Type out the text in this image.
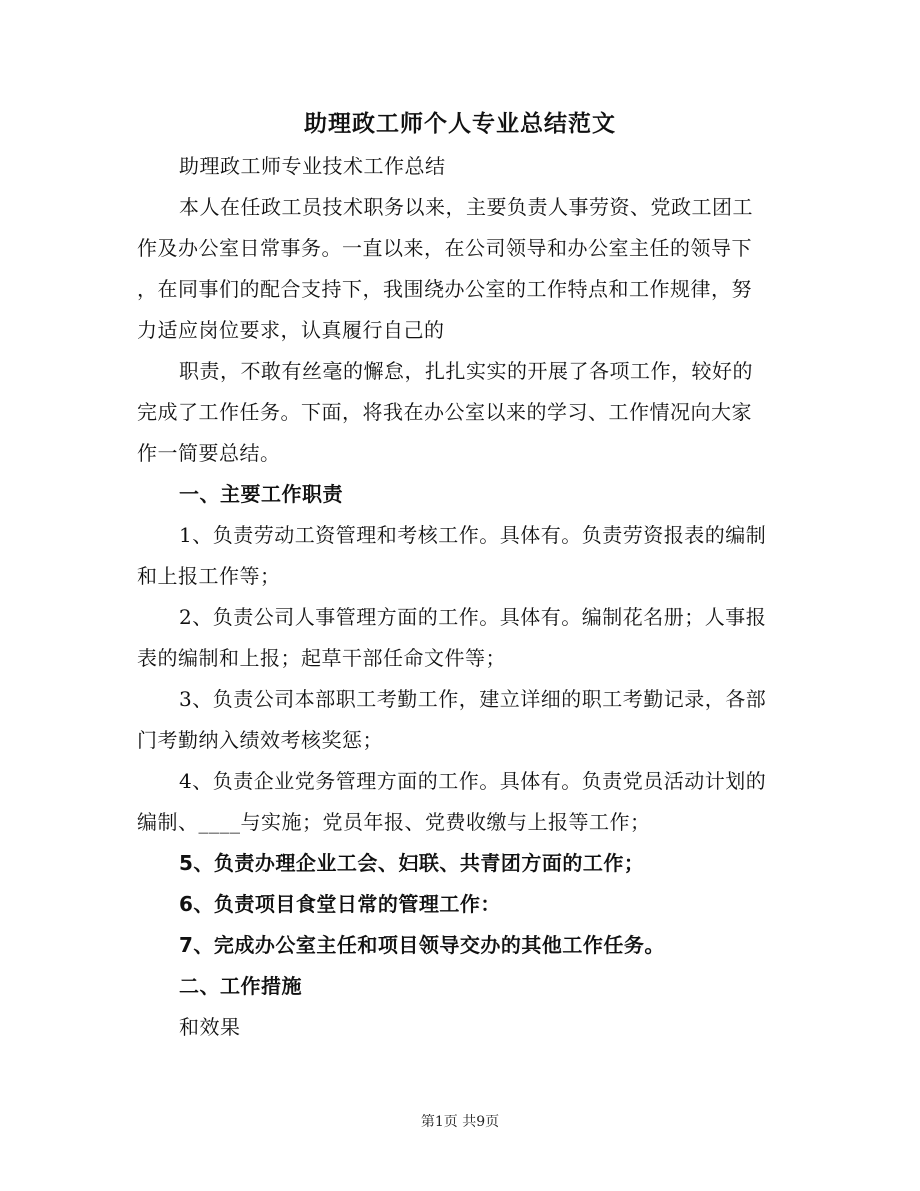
助理政工师个人专业总结范文
助理政工师专业技术工作总结
本人在任政工员技术职务以来，主要负责人事劳资、党政工团工
作及办公室日常事务。一直以来，在公司领导和办公室主任的领导下
，在同事们的配合支持下，我围绕办公室的工作特点和工作规律，努
力适应岗位要求，认真履行自己的
职责，不敢有丝毫的懈怠，扎扎实实的开展了各项工作，较好的
完成了工作任务。下面，将我在办公室以来的学习、工作情况向大家
作一简要总结。
一、主要工作职责
1、负责劳动工资管理和考核工作。具体有。负责劳资报表的编制
和上报工作等；
2、负责公司人事管理方面的工作。具体有。编制花名册；人事报
表的编制和上报；起草干部任命文件等；
3、负责公司本部职工考勤工作，建立详细的职工考勤记录，各部
门考勤纳入绩效考核奖惩；
4、负责企业党务管理方面的工作。具体有。负责党员活动计划的
编制、____与实施；党员年报、党费收缴与上报等工作；
5、负责办理企业工会、妇联、共青团方面的工作；
6、负责项目食堂日常的管理工作：
7、完成办公室主任和项目领导交办的其他工作任务。
二、工作措施
和效果
第1页 共9页
